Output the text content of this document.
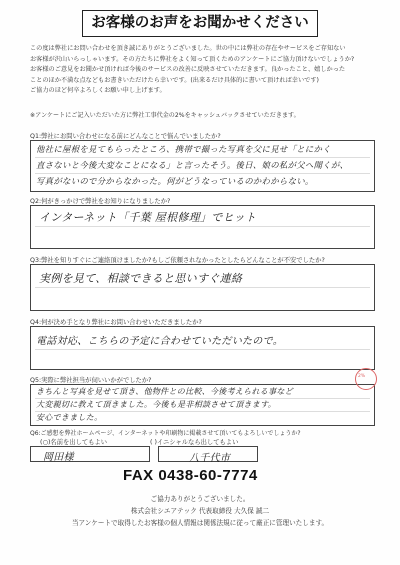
お客様のお声をお聞かせください

この度は弊社にお問い合わせを頂き誠にありがとうございました。世の中には弊社の存在やサービスをご存知ない

お客様が沢山いらっしゃいます。その方たちに弊社をよく知って頂くためのアンケートにご協力頂けないでしょうか?

お客様のご意見をお聞かせ頂ければ今後のサービスの改善に反映させていただきます。良かったこと、嬉しかった

ことのほか不満な点などもお書きいただけたら幸いです。(出来るだけ具体的に書いて頂ければ幸いです)

ご協力のほど何卒よろしくお願い申し上げます。

※アンケートにご記入いただいた方に弊社工事代金の2%をキャッシュバックさせていただきます。
Q1:弊社にお問い合わせになる前にどんなことで悩んでいましたか?
他社に屋根を見てもらったところ、携帯で撮った写真を父に見せ「とにかく
直さないと今後大変なことになる」と言ったそう。後日、娘の私が父へ聞くが、
写真がないので分からなかった。何がどうなっているのかわからない。
Q2:何がきっかけで弊社をお知りになりましたか?
インターネット「千葉 屋根修理」でヒット
Q3:弊社を知りすぐにご連絡頂けましたか?もしご依頼されなかったとしたらどんなことが不安でしたか?
実例を見て、相談できると思いすぐ連絡
Q4:何が決め手となり弊社にお問い合わせいただきましたか?
電話対応、こちらの予定に合わせていただいたので。
Q5:実際に弊社担当が伺いいかがでしたか?
きちんと写真を見せて頂き、他物件との比較、今後考えられる事など
大変親切に教えて頂きました。今後も是非相談させて頂きます。
安心できました。
Q6:ご感想を弊社ホームページ、インターネットや印刷物に掲載させて頂いてもよろしいでしょうか?
(○)名前を出してもよい	( )イニシャルなら出してもよい
2%
岡田様	八千代市
FAX 0438-60-7774
ご協力ありがとうございました。
株式会社シエアテック 代表取締役 大久保 誠二
当アンケートで取得したお客様の個人情報は関係法規に従って厳正に管理いたします。
